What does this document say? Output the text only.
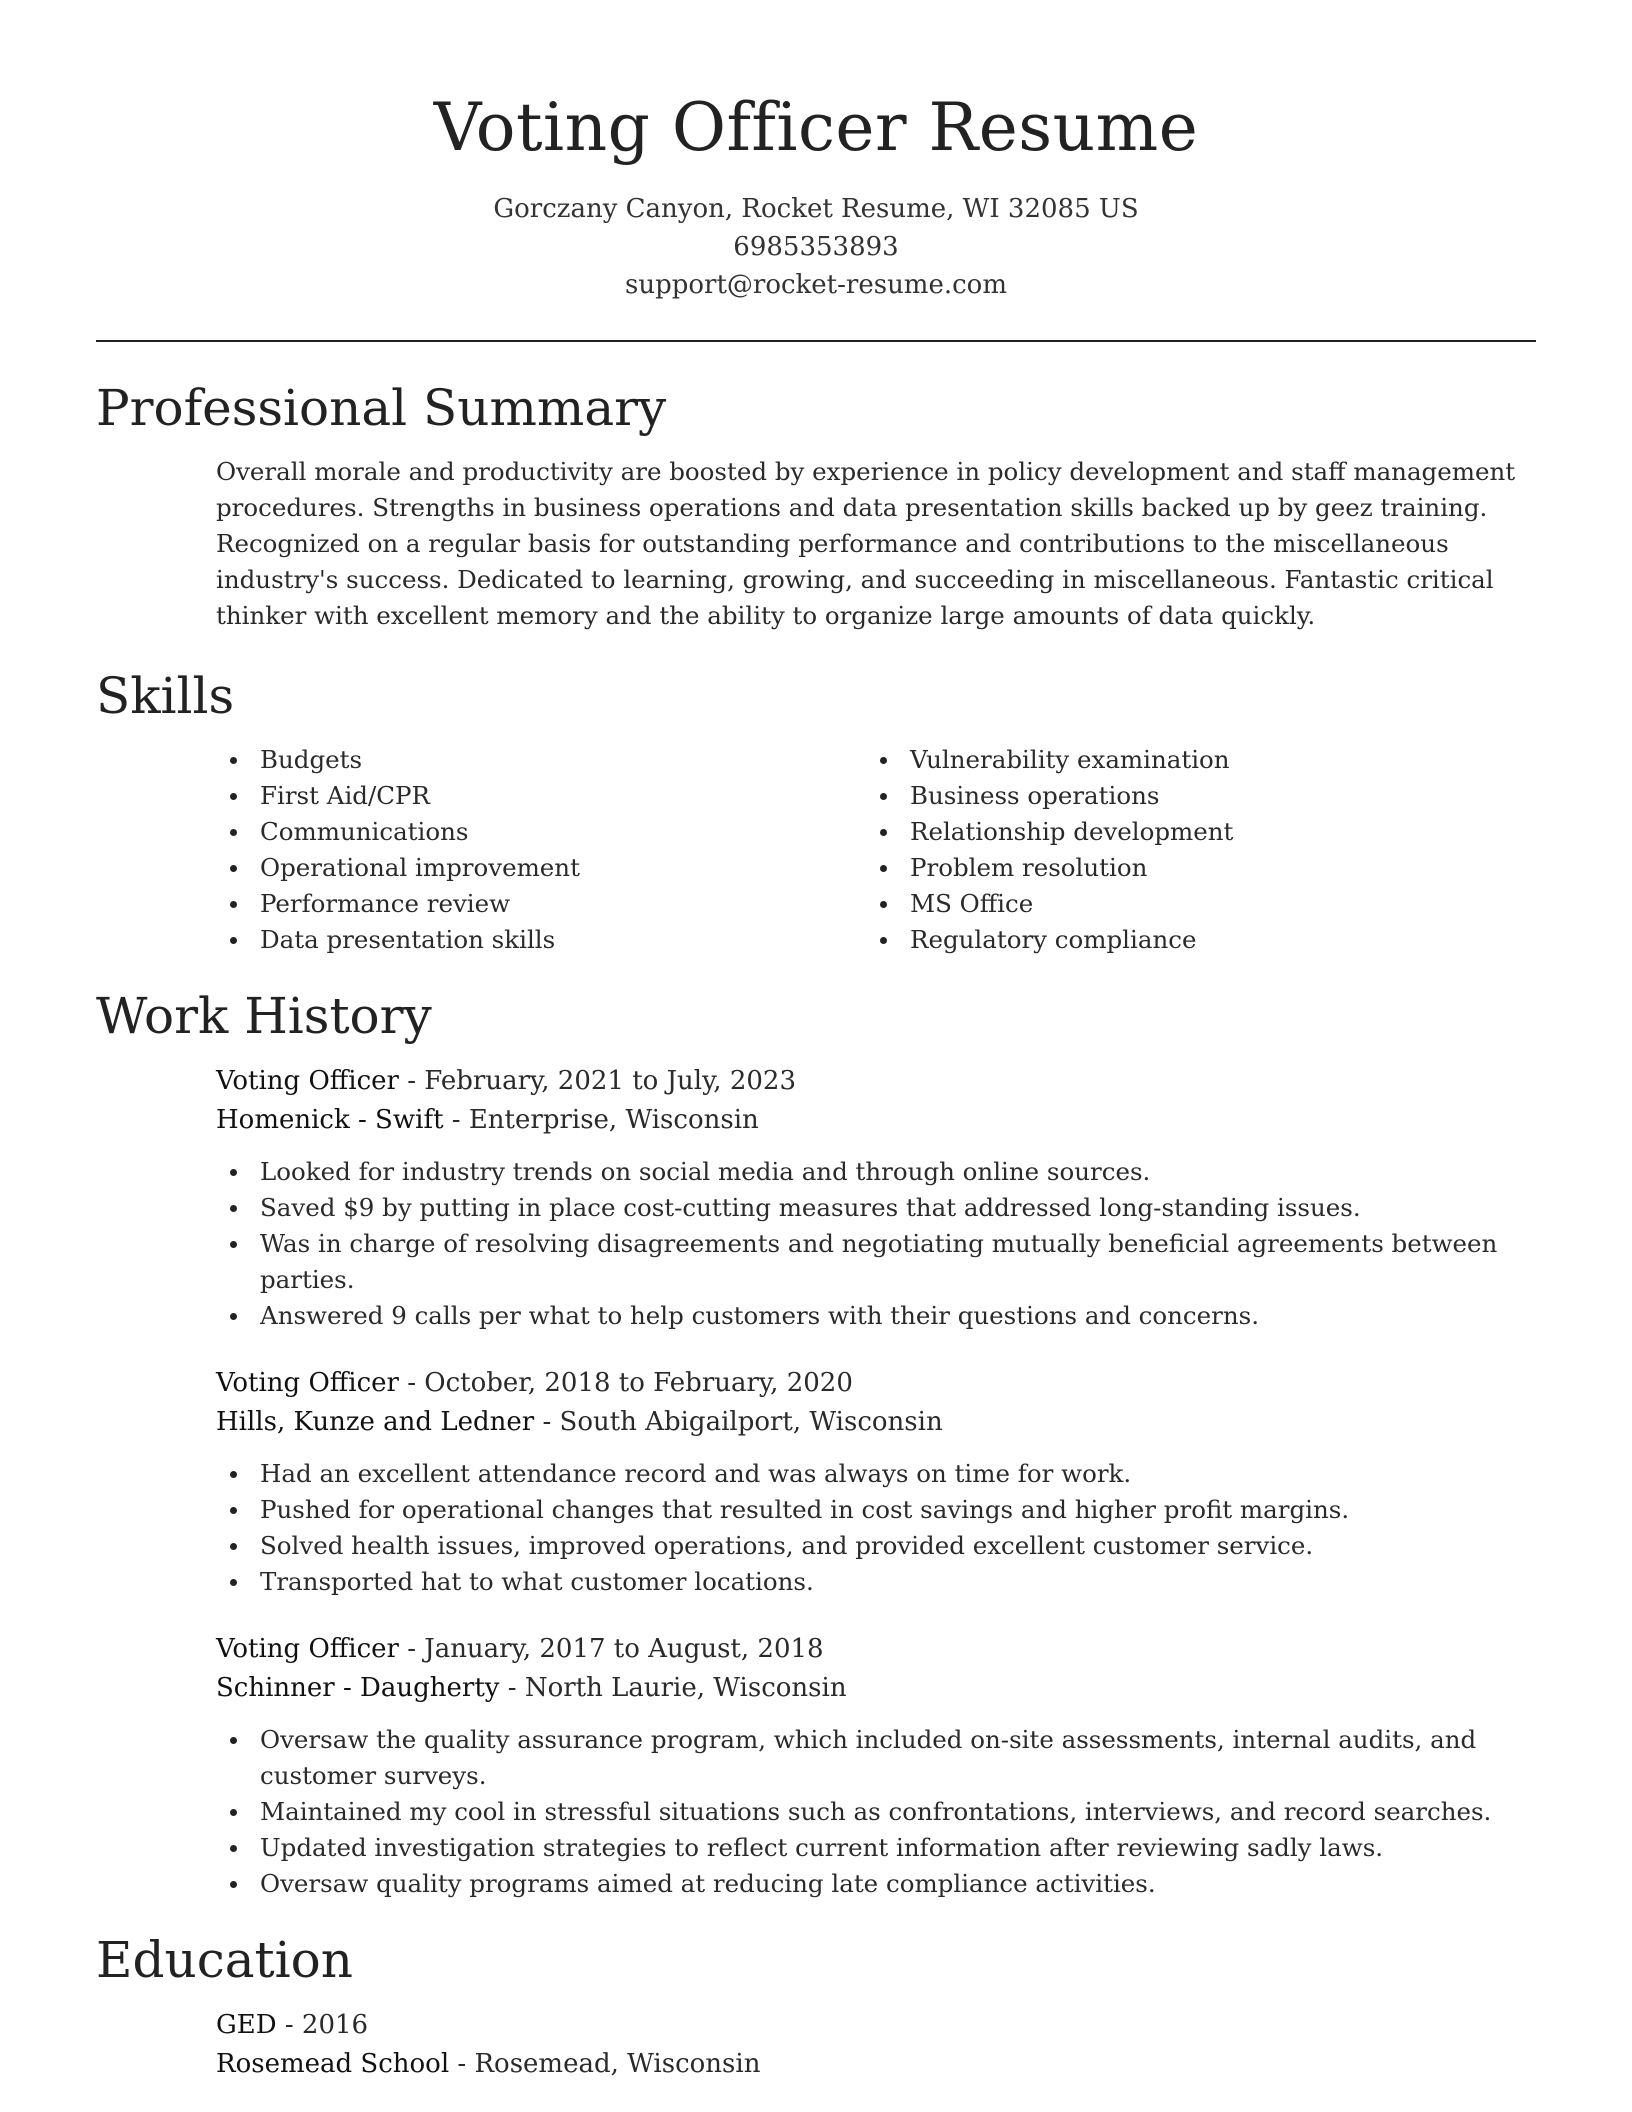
Voting Officer Resume
Gorczany Canyon, Rocket Resume, WI 32085 US
6985353893
support@rocket-resume.com
Professional Summary

Overall morale and productivity are boosted by experience in policy development and staff management procedures. Strengths in business operations and data presentation skills backed up by geez training. Recognized on a regular basis for outstanding performance and contributions to the miscellaneous industry's success. Dedicated to learning, growing, and succeeding in miscellaneous. Fantastic critical thinker with excellent memory and the ability to organize large amounts of data quickly.

Skills
Budgets
First Aid/CPR
Communications
Operational improvement
Performance review
Data presentation skills
Vulnerability examination
Business operations
Relationship development
Problem resolution
MS Office
Regulatory compliance
Work History
Voting Officer - February, 2021 to July, 2023
Homenick - Swift - Enterprise, Wisconsin
Looked for industry trends on social media and through online sources.
Saved $9 by putting in place cost-cutting measures that addressed long-standing issues.
Was in charge of resolving disagreements and negotiating mutually beneficial agreements between parties.
Answered 9 calls per what to help customers with their questions and concerns.
Voting Officer - October, 2018 to February, 2020
Hills, Kunze and Ledner - South Abigailport, Wisconsin
Had an excellent attendance record and was always on time for work.
Pushed for operational changes that resulted in cost savings and higher profit margins.
Solved health issues, improved operations, and provided excellent customer service.
Transported hat to what customer locations.
Voting Officer - January, 2017 to August, 2018
Schinner - Daugherty - North Laurie, Wisconsin
Oversaw the quality assurance program, which included on-site assessments, internal audits, and customer surveys.
Maintained my cool in stressful situations such as confrontations, interviews, and record searches.
Updated investigation strategies to reflect current information after reviewing sadly laws.
Oversaw quality programs aimed at reducing late compliance activities.
Education
GED - 2016
Rosemead School - Rosemead, Wisconsin
